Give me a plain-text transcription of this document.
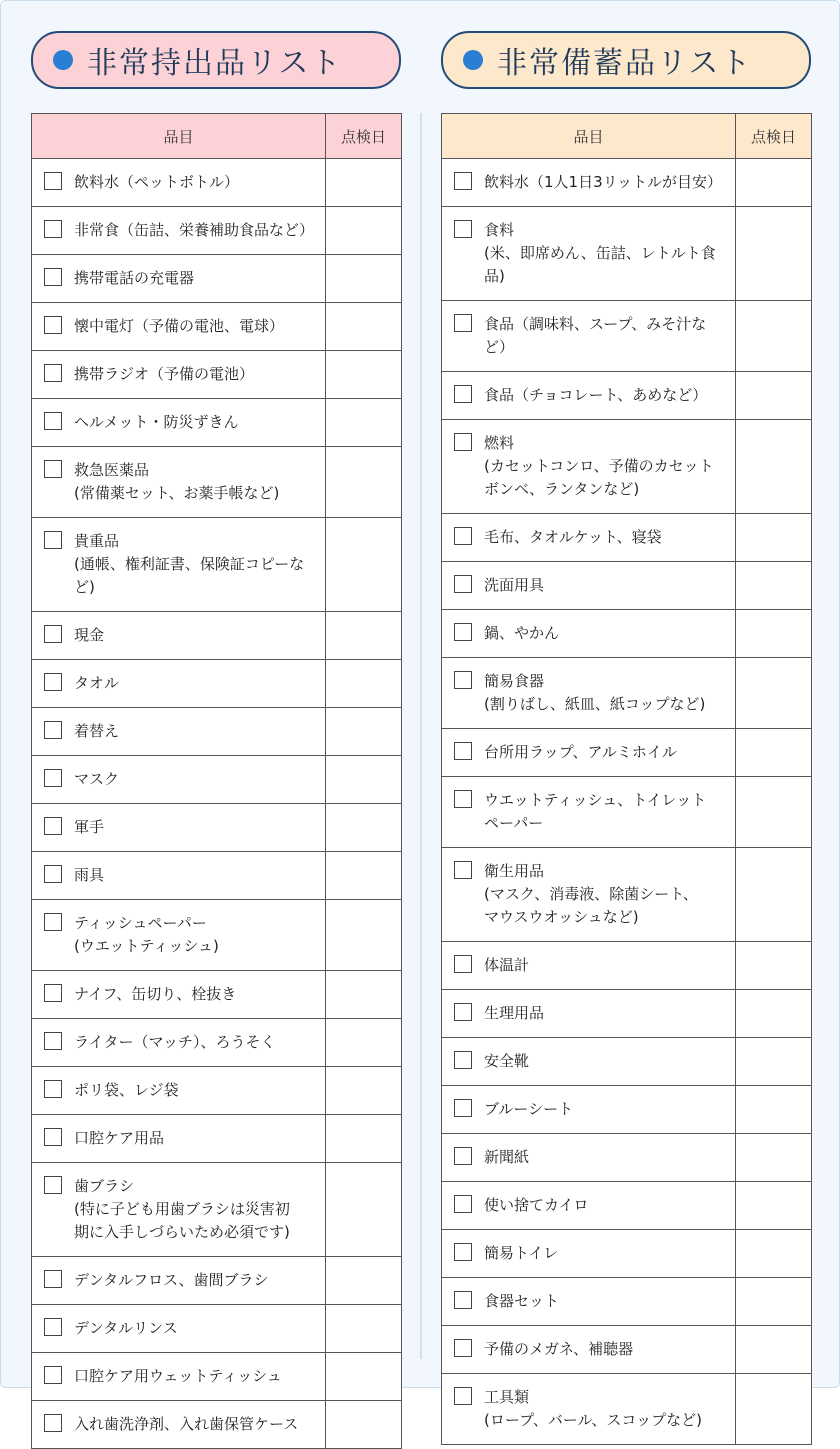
非常持出品リスト
品目	点検日

飲料水（ペットボトル）	

非常食（缶詰、栄養補助食品など）	

携帯電話の充電器	

懐中電灯（予備の電池、電球）	

携帯ラジオ（予備の電池）	

ヘルメット・防災ずきん	

救急医薬品
(常備薬セット、お薬手帳など)	

貴重品
(通帳、権利証書、保険証コピーなど)	

現金	

タオル	

着替え	

マスク	

軍手	

雨具	

ティッシュペーパー
(ウエットティッシュ)	

ナイフ、缶切り、栓抜き	

ライター（マッチ）、ろうそく	

ポリ袋、レジ袋	

口腔ケア用品	

歯ブラシ
(特に子ども用歯ブラシは災害初
期に入手しづらいため必須です)	

デンタルフロス、歯間ブラシ	

デンタルリンス	

口腔ケア用ウェットティッシュ	

入れ歯洗浄剤、入れ歯保管ケース	

非常備蓄品リスト
品目	点検日

飲料水（1人1日3リットルが目安）	

食料
(米、即席めん、缶詰、レトルト食品)	

食品（調味料、スープ、みそ汁など）	

食品（チョコレート、あめなど）	

燃料
(カセットコンロ、予備のカセット
ボンベ、ランタンなど)	

毛布、タオルケット、寝袋	

洗面用具	

鍋、やかん	

簡易食器
(割りばし、紙皿、紙コップなど)	

台所用ラップ、アルミホイル	

ウエットティッシュ、トイレット
ペーパー	

衛生用品
(マスク、消毒液、除菌シート、
マウスウオッシュなど)	

体温計	

生理用品	

安全靴	

ブルーシート	

新聞紙	

使い捨てカイロ	

簡易トイレ	

食器セット	

予備のメガネ、補聴器	

工具類
(ロープ、バール、スコップなど)	
